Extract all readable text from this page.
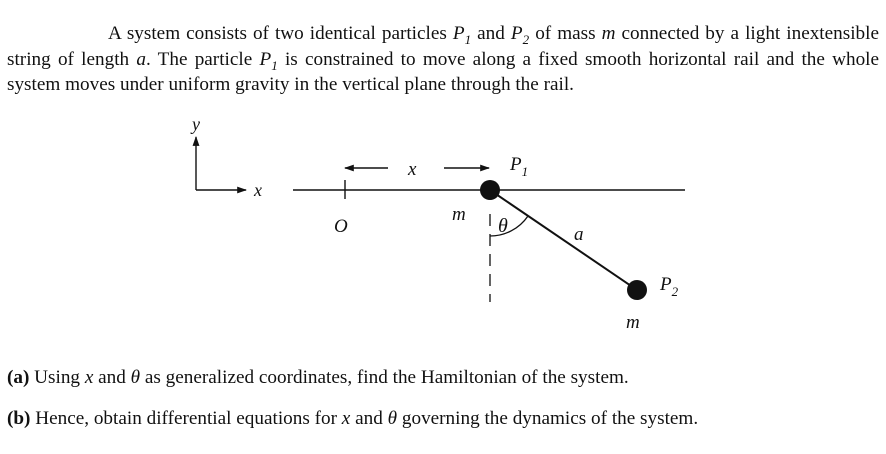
A system consists of two identical particles $P_1$ and $P_2$ of mass m connected by a light inextensible string of length a. The particle $P_1$ is constrained to move along a fixed smooth horizontal rail and the whole system moves under uniform gravity in the vertical plane through the rail.

y
x
O
x	$P_1$
θ
m
a
$P_2$
m
(a) Using x and θ as generalized coordinates, find the Hamiltonian of the system.
(b) Hence, obtain differential equations for x and θ governing the dynamics of the system.
